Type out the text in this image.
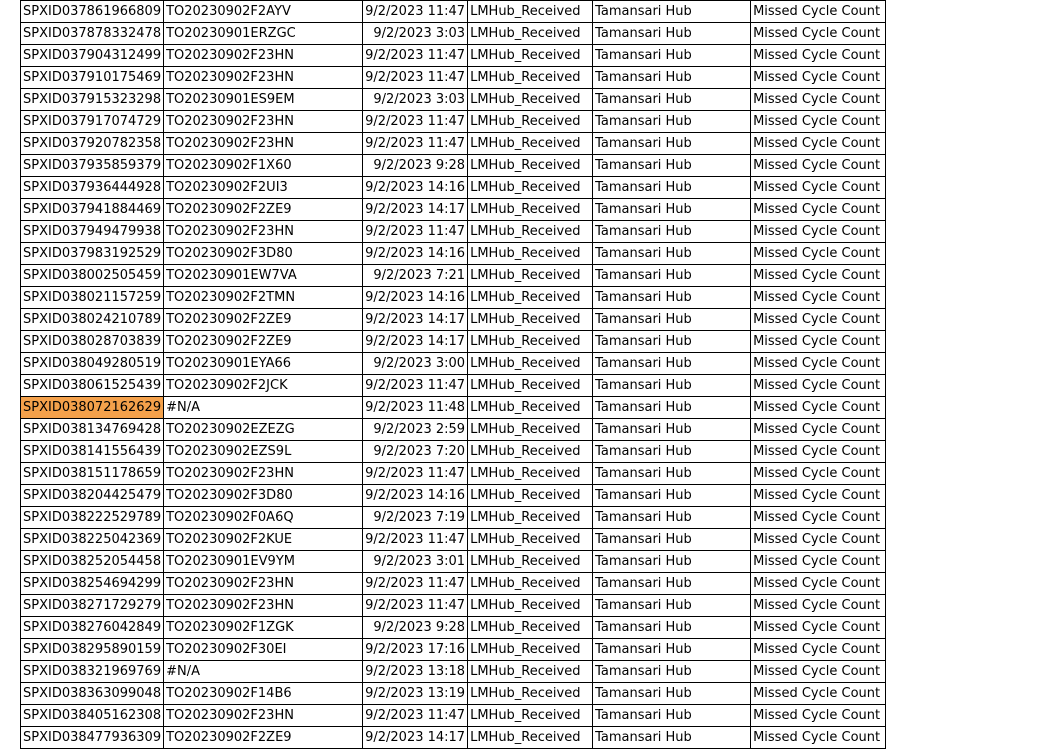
SPXID037861966809	TO20230902F2AYV	9/2/2023 11:47	LMHub_Received	Tamansari Hub	Missed Cycle Count
SPXID037878332478	TO20230901ERZGC	9/2/2023 3:03	LMHub_Received	Tamansari Hub	Missed Cycle Count
SPXID037904312499	TO20230902F23HN	9/2/2023 11:47	LMHub_Received	Tamansari Hub	Missed Cycle Count
SPXID037910175469	TO20230902F23HN	9/2/2023 11:47	LMHub_Received	Tamansari Hub	Missed Cycle Count
SPXID037915323298	TO20230901ES9EM	9/2/2023 3:03	LMHub_Received	Tamansari Hub	Missed Cycle Count
SPXID037917074729	TO20230902F23HN	9/2/2023 11:47	LMHub_Received	Tamansari Hub	Missed Cycle Count
SPXID037920782358	TO20230902F23HN	9/2/2023 11:47	LMHub_Received	Tamansari Hub	Missed Cycle Count
SPXID037935859379	TO20230902F1X60	9/2/2023 9:28	LMHub_Received	Tamansari Hub	Missed Cycle Count
SPXID037936444928	TO20230902F2UI3	9/2/2023 14:16	LMHub_Received	Tamansari Hub	Missed Cycle Count
SPXID037941884469	TO20230902F2ZE9	9/2/2023 14:17	LMHub_Received	Tamansari Hub	Missed Cycle Count
SPXID037949479938	TO20230902F23HN	9/2/2023 11:47	LMHub_Received	Tamansari Hub	Missed Cycle Count
SPXID037983192529	TO20230902F3D80	9/2/2023 14:16	LMHub_Received	Tamansari Hub	Missed Cycle Count
SPXID038002505459	TO20230901EW7VA	9/2/2023 7:21	LMHub_Received	Tamansari Hub	Missed Cycle Count
SPXID038021157259	TO20230902F2TMN	9/2/2023 14:16	LMHub_Received	Tamansari Hub	Missed Cycle Count
SPXID038024210789	TO20230902F2ZE9	9/2/2023 14:17	LMHub_Received	Tamansari Hub	Missed Cycle Count
SPXID038028703839	TO20230902F2ZE9	9/2/2023 14:17	LMHub_Received	Tamansari Hub	Missed Cycle Count
SPXID038049280519	TO20230901EYA66	9/2/2023 3:00	LMHub_Received	Tamansari Hub	Missed Cycle Count
SPXID038061525439	TO20230902F2JCK	9/2/2023 11:47	LMHub_Received	Tamansari Hub	Missed Cycle Count
SPXID038072162629	#N/A	9/2/2023 11:48	LMHub_Received	Tamansari Hub	Missed Cycle Count
SPXID038134769428	TO20230902EZEZG	9/2/2023 2:59	LMHub_Received	Tamansari Hub	Missed Cycle Count
SPXID038141556439	TO20230902EZS9L	9/2/2023 7:20	LMHub_Received	Tamansari Hub	Missed Cycle Count
SPXID038151178659	TO20230902F23HN	9/2/2023 11:47	LMHub_Received	Tamansari Hub	Missed Cycle Count
SPXID038204425479	TO20230902F3D80	9/2/2023 14:16	LMHub_Received	Tamansari Hub	Missed Cycle Count
SPXID038222529789	TO20230902F0A6Q	9/2/2023 7:19	LMHub_Received	Tamansari Hub	Missed Cycle Count
SPXID038225042369	TO20230902F2KUE	9/2/2023 11:47	LMHub_Received	Tamansari Hub	Missed Cycle Count
SPXID038252054458	TO20230901EV9YM	9/2/2023 3:01	LMHub_Received	Tamansari Hub	Missed Cycle Count
SPXID038254694299	TO20230902F23HN	9/2/2023 11:47	LMHub_Received	Tamansari Hub	Missed Cycle Count
SPXID038271729279	TO20230902F23HN	9/2/2023 11:47	LMHub_Received	Tamansari Hub	Missed Cycle Count
SPXID038276042849	TO20230902F1ZGK	9/2/2023 9:28	LMHub_Received	Tamansari Hub	Missed Cycle Count
SPXID038295890159	TO20230902F30EI	9/2/2023 17:16	LMHub_Received	Tamansari Hub	Missed Cycle Count
SPXID038321969769	#N/A	9/2/2023 13:18	LMHub_Received	Tamansari Hub	Missed Cycle Count
SPXID038363099048	TO20230902F14B6	9/2/2023 13:19	LMHub_Received	Tamansari Hub	Missed Cycle Count
SPXID038405162308	TO20230902F23HN	9/2/2023 11:47	LMHub_Received	Tamansari Hub	Missed Cycle Count
SPXID038477936309	TO20230902F2ZE9	9/2/2023 14:17	LMHub_Received	Tamansari Hub	Missed Cycle Count
